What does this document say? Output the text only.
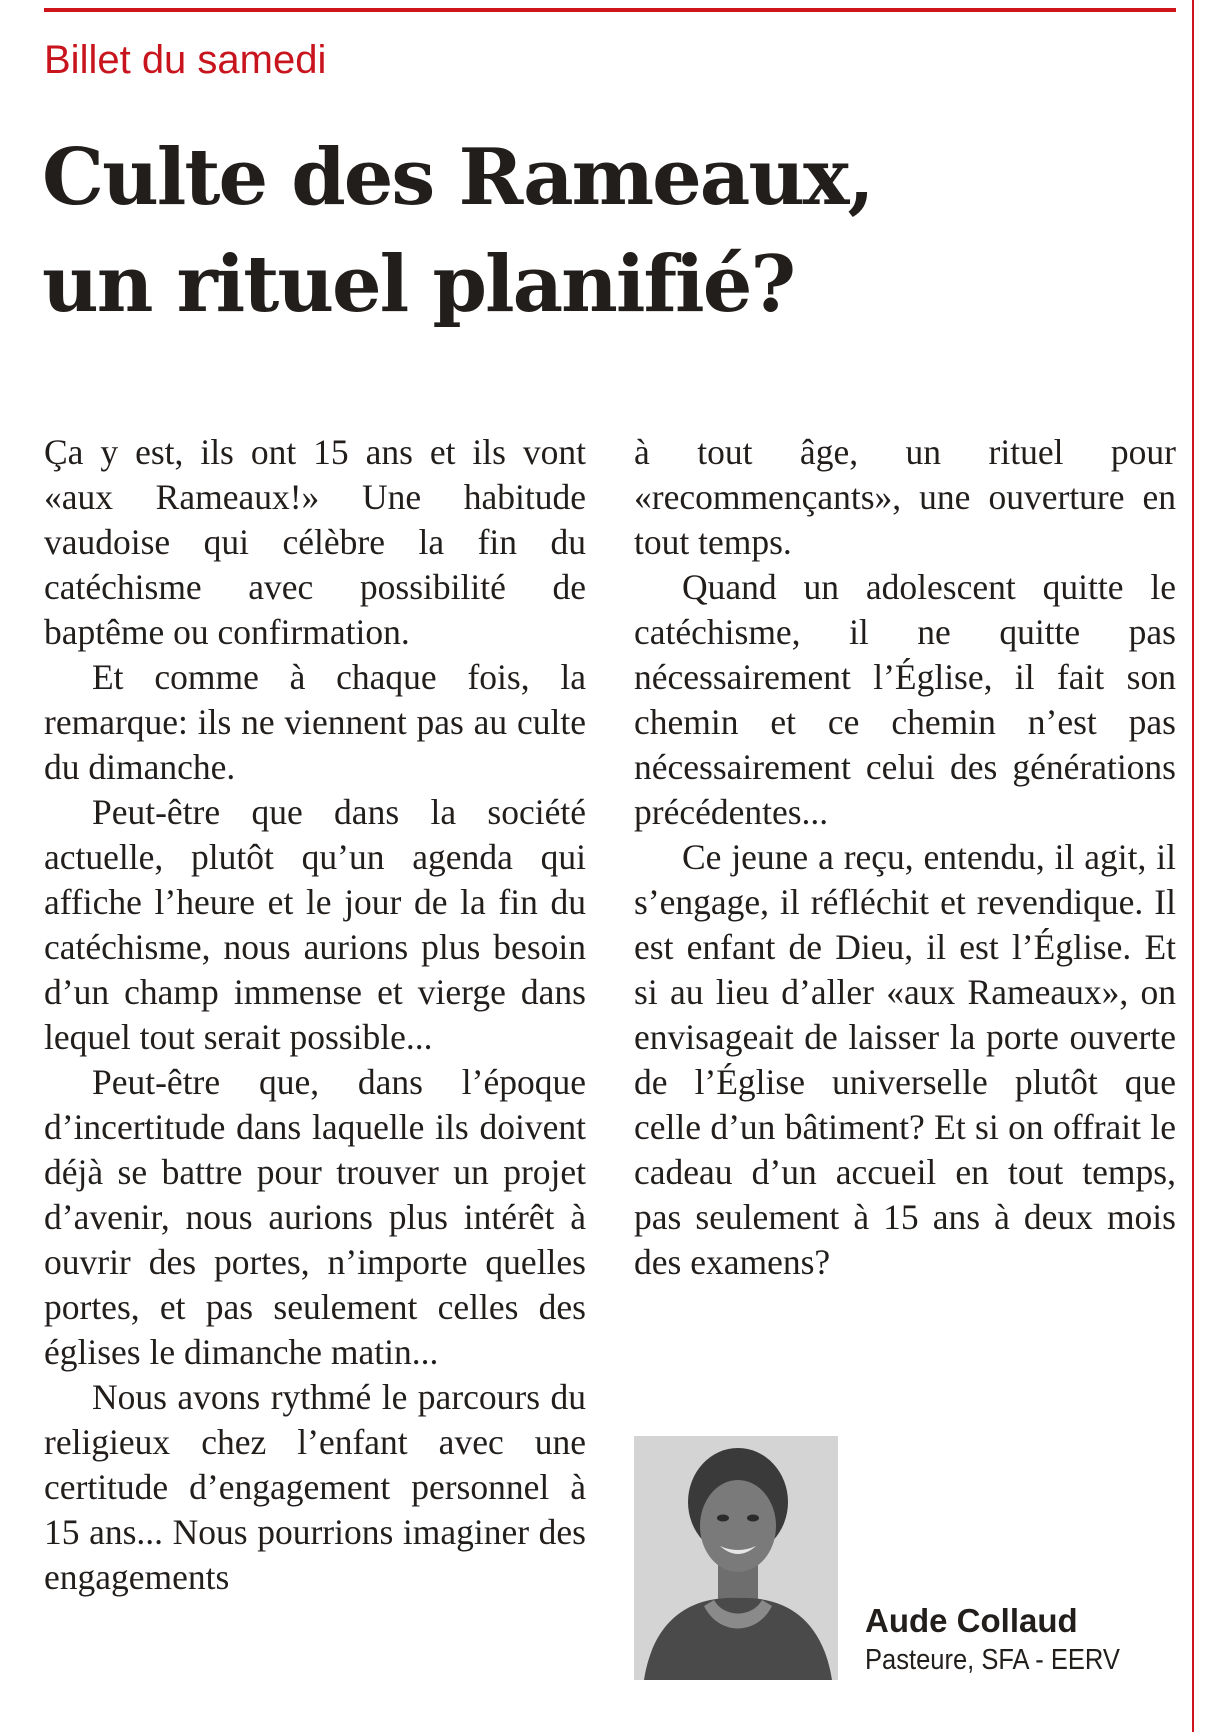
Billet du samedi
Culte des Rameaux,
un rituel planifié?

Ça y est, ils ont 15 ans et ils vont «aux Rameaux!» Une habitude vaudoise qui célèbre la fin du catéchisme avec possibilité de baptême ou confirmation.

Et comme à chaque fois, la remarque: ils ne viennent pas au culte du dimanche.

Peut-être que dans la société actuelle, plutôt qu’un agenda qui affiche l’heure et le jour de la fin du catéchisme, nous aurions plus besoin d’un champ immense et vierge dans lequel tout serait possible...

Peut-être que, dans l’époque d’incertitude dans laquelle ils doivent déjà se battre pour trouver un projet d’avenir, nous aurions plus intérêt à ouvrir des portes, n’importe quelles portes, et pas seulement celles des églises le dimanche matin...

Nous avons rythmé le parcours du religieux chez l’enfant avec une certitude d’engagement personnel à 15 ans... Nous pourrions imaginer des engagements

à tout âge, un rituel pour «recommençants», une ouverture en tout temps.

Quand un adolescent quitte le catéchisme, il ne quitte pas nécessairement l’Église, il fait son chemin et ce chemin n’est pas nécessairement celui des générations précédentes...

Ce jeune a reçu, entendu, il agit, il s’engage, il réfléchit et revendique. Il est enfant de Dieu, il est l’Église. Et si au lieu d’aller «aux Rameaux», on envisageait de laisser la porte ouverte de l’Église universelle plutôt que celle d’un bâtiment? Et si on offrait le cadeau d’un accueil en tout temps, pas seulement à 15 ans à deux mois des examens?

Aude Collaud
Pasteure, SFA - EERV
